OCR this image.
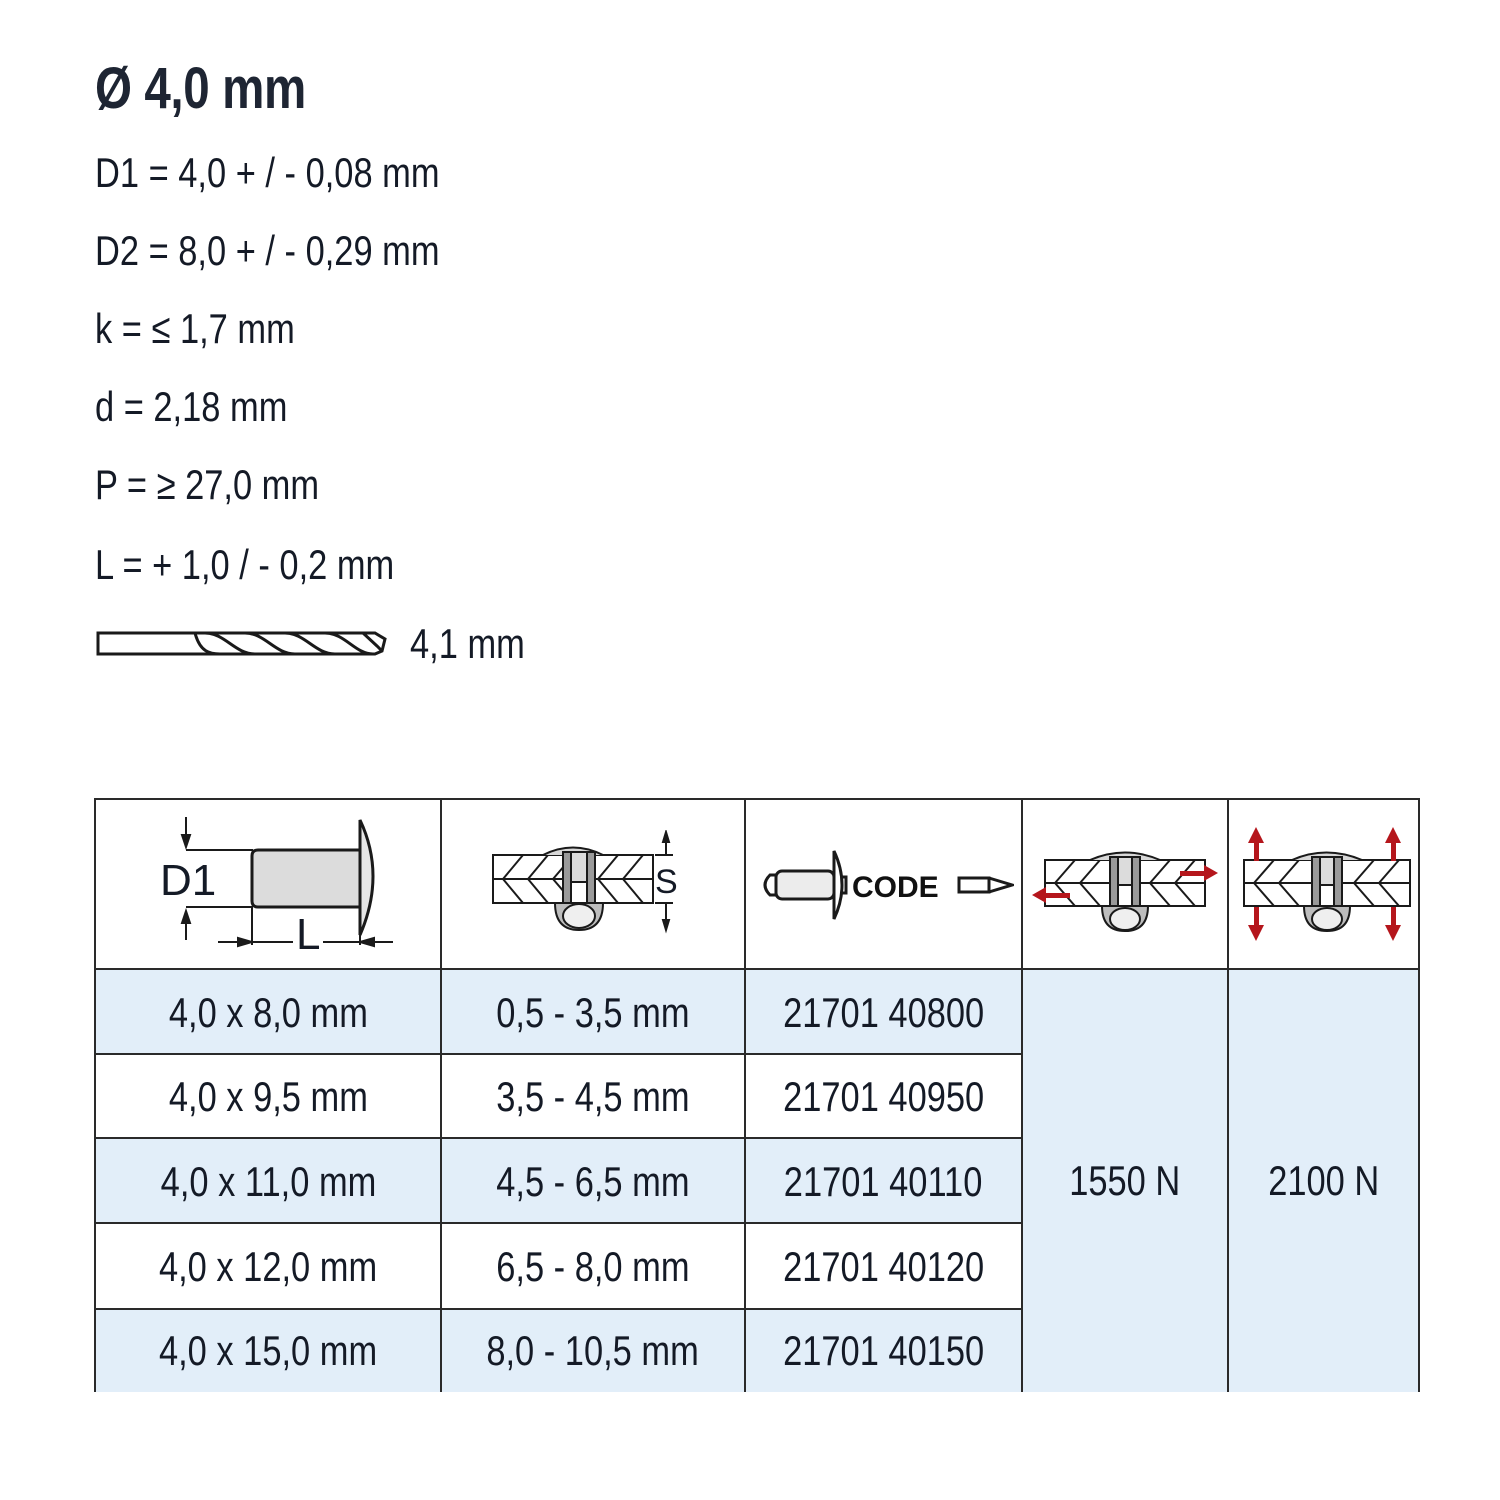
Ø 4,0 mm
D1 = 4,0 + / - 0,08 mm
D2 = 8,0 + / - 0,29 mm
k = ≤ 1,7 mm
d = 2,18 mm
P = ≥ 27,0 mm
L = + 1,0 / - 0,2 mm
4,1 mm
D1
L
S	CODE
4,0 x 8,0 mm	0,5 - 3,5 mm 21701 40800
4,0 x 9,5 mm	3,5 - 4,5 mm 21701 40950
4,0 x 11,0 mm	4,5 - 6,5 mm 21701 40110
4,0 x 12,0 mm	6,5 - 8,0 mm 21701 40120
4,0 x 15,0 mm	8,0 - 10,5 mm 21701 40150
1550 N 2100 N
